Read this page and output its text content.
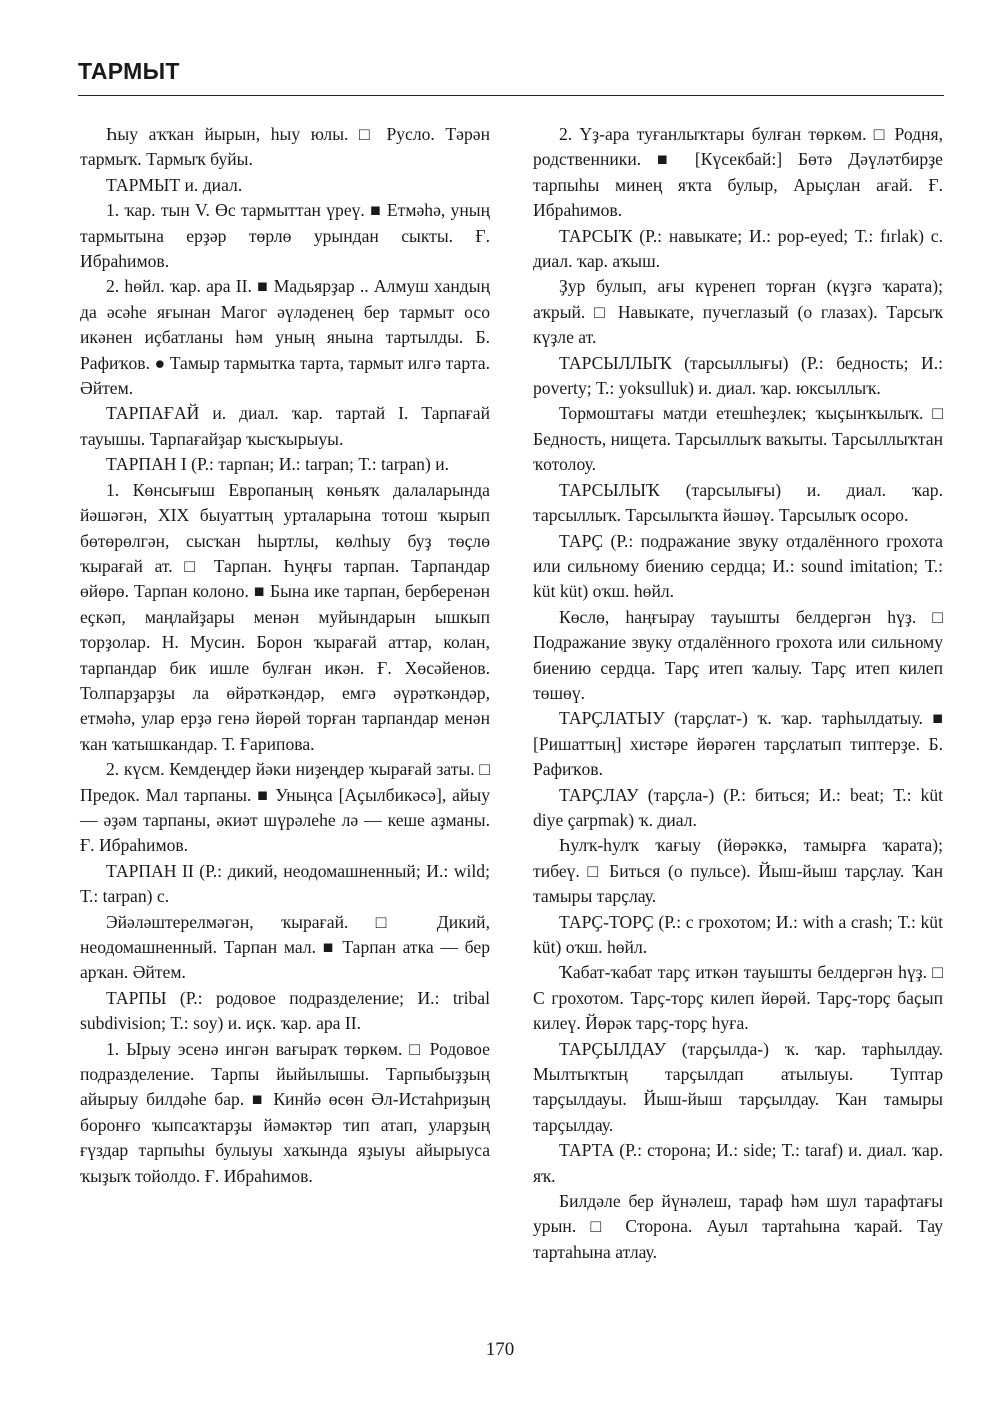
ТАРМЫТ

Һыу аҡҡан йырын, һыу юлы. □ Русло. Тәрән тармыҡ. Тармыҡ буйы.

ТАРМЫТ и. диал.

1. ҡар. тын V. Өс тармыттан үреү. ■ Етмәһә, уның тармытына ерҙәр төрлө урындан сыкты. Ғ. Ибраһимов.

2. һөйл. ҡар. ара II. ■ Мадьярҙар .. Алмуш хандың да әсәһе яғынан Магог әүләденең бер тармыт осо икәнен иҫбатланы һәм уның янына тартылды. Б. Рафиҡов. ● Тамыр тармытка тарта, тармыт илгә тарта. Әйтем.

ТАРПАҒАЙ и. диал. ҡар. тартай I. Тарпағай тауышы. Тарпағайҙар ҡысҡырыуы.

ТАРПАН I (Р.: тарпан; И.: tarpan; Т.: tarpan) и.

1. Көнсығыш Европаның көньяҡ далаларында йәшәгән, XIX быуаттың урталарына тотош ҡырып бөтөрөлгән, сысҡан һыртлы, көлһыу буҙ төҫлө ҡырағай ат. □ Тарпан. Һуңғы тарпан. Тарпандар өйөрө. Тарпан колоно. ■ Бына ике тарпан, берберенән еҫкәп, маңлайҙары менән муйындарын ышкып торҙолар. Н. Мусин. Борон ҡырағай аттар, колан, тарпандар бик ишле булған икән. Ғ. Хөсәйенов. Толпарҙарҙы ла өйрәткәндәр, емгә әүрәткәндәр, етмәһә, улар ерҙә генә йөрөй торған тарпандар менән ҡан ҡатышкандар. Т. Ғарипова.

2. күсм. Кемдеңдер йәки ниҙеңдер ҡырағай заты. □ Предок. Мал тарпаны. ■ Уныңса [Аҫылбикәсә], айыу — әҙәм тарпаны, әкиәт шүрәлеһе лә — кеше аҙманы. Ғ. Ибраһимов.

ТАРПАН II (Р.: дикий, неодомашненный; И.: wild; Т.: tarpan) с.

Эйәләштерелмәгән, ҡырағай. □ Дикий, неодомашненный. Тарпан мал. ■ Тарпан атка — бер арҡан. Әйтем.

ТАРПЫ (Р.: родовое подразделение; И.: tribal subdivision; Т.: soy) и. иҫк. ҡар. ара II.

1. Ырыу эсенә ингән вағыраҡ төркөм. □ Родовое подразделение. Тарпы йыйылышы. Тарпыбыҙҙың айырыу билдәһе бар. ■ Кинйә өсөн Әл-Истаһриҙың боронғо ҡыпсаҡтарҙы йәмәктәр тип атап, уларҙың ғүздар тарпыһы булыуы хаҡында яҙыуы айырыуса ҡыҙыҡ тойолдо. Ғ. Ибраһимов.

2. Үҙ-ара туғанлыҡтары булған төркөм. □ Родня, родственники. ■ [Күсекбай:] Бөтә Дәүләтбирҙе тарпыһы минең яҡта булыр, Арыҫлан ағай. Ғ. Ибраһимов.

ТАРСЫҠ (Р.: навыкате; И.: pop-eyed; Т.: fırlak) с. диал. ҡар. аҡыш.

Ҙур булып, ағы күренеп торған (күҙгә ҡарата); аҡрый. □ Навыкате, пучеглазый (о глазах). Тарсыҡ күҙле ат.

ТАРСЫЛЛЫҠ (тарсыллығы) (Р.: бедность; И.: poverty; Т.: yoksulluk) и. диал. ҡар. юксыллыҡ.

Тормоштағы матди етешһеҙлек; ҡыҫынҡылыҡ. □ Бедность, нищета. Тарсыллыҡ ваҡыты. Тарсыллыҡтан ҡотолоу.

ТАРСЫЛЫҠ (тарсылығы) и. диал. ҡар. тарсыллыҡ. Тарсылыҡта йәшәү. Тарсылыҡ осоро.

ТАРҪ (Р.: подражание звуку отдалённого грохота или сильному биению сердца; И.: sound imitation; Т.: küt küt) оҡш. һөйл.

Көслө, һаңғырау тауышты белдергән һүҙ. □ Подражание звуку отдалённого грохота или сильному биению сердца. Тарҫ итеп ҡалыу. Тарҫ итеп килеп төшөү.

ТАРҪЛАТЫУ (тарҫлат-) ҡ. ҡар. тарһылдатыу. ■ [Ришаттың] хистәре йөрәген тарҫлатып типтерҙе. Б. Рафиҡов.

ТАРҪЛАУ (тарҫла-) (Р.: биться; И.: beat; Т.: küt diye çarpmak) ҡ. диал.

Һулҡ-һулҡ ҡағыу (йөрәккә, тамырға ҡарата); тибеү. □ Биться (о пульсе). Йыш-йыш тарҫлау. Ҡан тамыры тарҫлау.

ТАРҪ-ТОРҪ (Р.: с грохотом; И.: with a crash; Т.: küt küt) оҡш. һөйл.

Ҡабат-ҡабат тарҫ иткән тауышты белдергән һүҙ. □ С грохотом. Тарҫ-торҫ килеп йөрөй. Тарҫ-торҫ баҫып килеү. Йөрәк тарҫ-торҫ һуға.

ТАРҪЫЛДАУ (тарҫылда-) ҡ. ҡар. тарһылдау. Мылтыҡтың тарҫылдап атылыуы. Туптар тарҫылдауы. Йыш-йыш тарҫылдау. Ҡан тамыры тарҫылдау.

ТАРТА (Р.: сторона; И.: side; Т.: taraf) и. диал. ҡар. яҡ.

Билдәле бер йүнәлеш, тараф һәм шул тарафтағы урын. □ Сторона. Ауыл тартаһына ҡарай. Тау тартаһына атлау.

170
